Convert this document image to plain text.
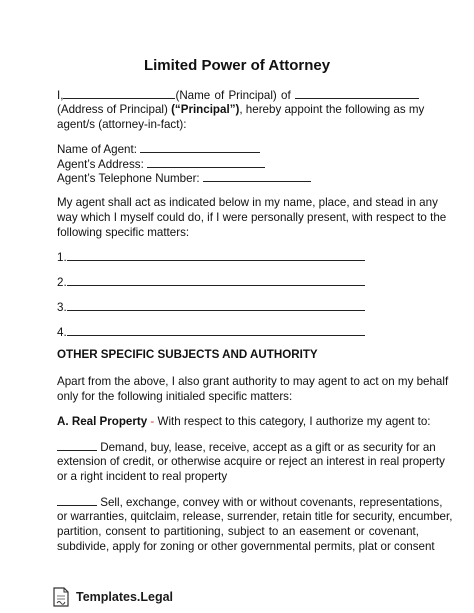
Limited Power of Attorney
I,	(Name of Principal) of
(Address of Principal) (“Principal”), hereby appoint the following as my
agent/s (attorney-in-fact):
Name of Agent:
Agent’s Address:
Agent’s Telephone Number:
My agent shall act as indicated below in my name, place, and stead in any
way which I myself could do, if I were personally present, with respect to the
following specific matters:
1.
2.
3.
4.
OTHER SPECIFIC SUBJECTS AND AUTHORITY
Apart from the above, I also grant authority to may agent to act on my behalf
only for the following initialed specific matters:
A. Real Property - With respect to this category, I authorize my agent to:
Demand, buy, lease, receive, accept as a gift or as security for an
extension of credit, or otherwise acquire or reject an interest in real property
or a right incident to real property
Sell, exchange, convey with or without covenants, representations,
or warranties, quitclaim, release, surrender, retain title for security, encumber,
partition, consent to partitioning, subject to an easement or covenant,
subdivide, apply for zoning or other governmental permits, plat or consent
Templates.Legal
